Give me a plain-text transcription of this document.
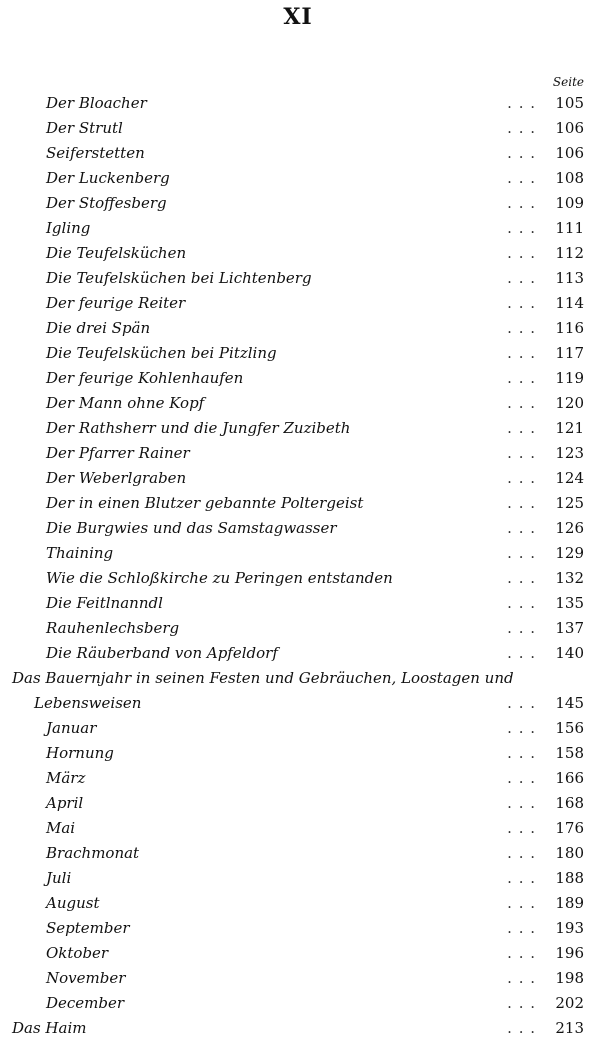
XI
Seite
Der Bloacher	. . .	105
Der Strutl	. . .	106
Seiferstetten	. . .	106
Der Luckenberg	. . .	108
Der Stoffesberg	. . .	109
Igling	. . .	111
Die Teufelsküchen	. . .	112
Die Teufelsküchen bei Lichtenberg	. . .	113
Der feurige Reiter	. . .	114
Die drei Spän	. . .	116
Die Teufelsküchen bei Pitzling	. . .	117
Der feurige Kohlenhaufen	. . .	119
Der Mann ohne Kopf	. . .	120
Der Rathsherr und die Jungfer Zuzibeth	. . .	121
Der Pfarrer Rainer	. . .	123
Der Weberlgraben	. . .	124
Der in einen Blutzer gebannte Poltergeist	. . .	125
Die Burgwies und das Samstagwasser	. . .	126
Thaining	. . .	129
Wie die Schloßkirche zu Peringen entstanden	. . .	132
Die Feitlnanndl	. . .	135
Rauhenlechsberg	. . .	137
Die Räuberband von Apfeldorf	. . .	140
Das Bauernjahr in seinen Festen und Gebräuchen, Loostagen und
Lebensweisen	. . .	145
Januar	. . .	156
Hornung	. . .	158
März	. . .	166
April	. . .	168
Mai	. . .	176
Brachmonat	. . .	180
Juli	. . .	188
August	. . .	189
September	. . .	193
Oktober	. . .	196
November	. . .	198
December	. . .	202
Das Haim	. . .	213
